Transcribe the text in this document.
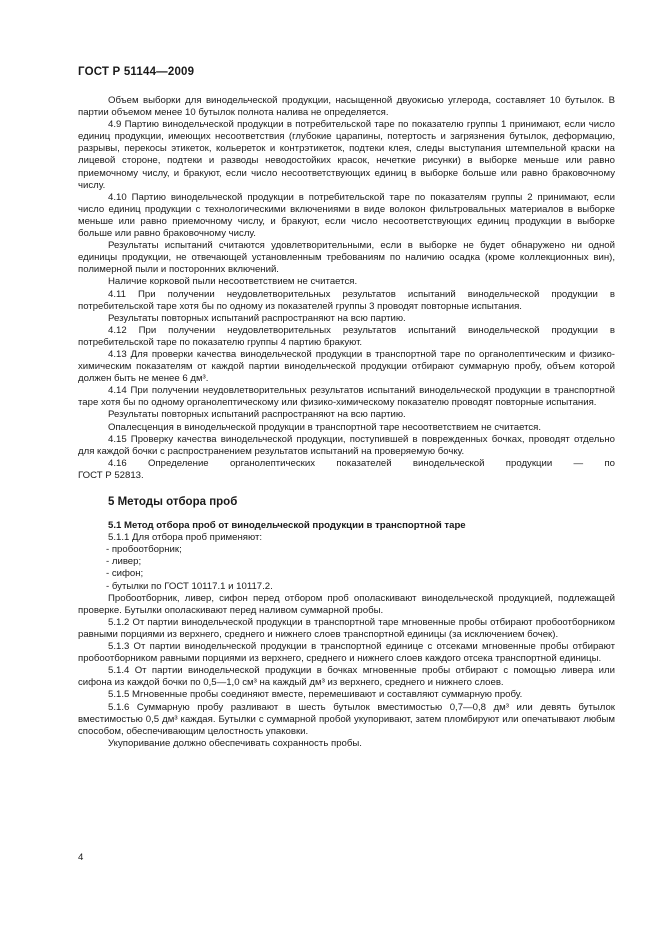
ГОСТ Р 51144—2009

Объем выборки для винодельческой продукции, насыщенной двуокисью углерода, составляет 10 бутылок. В партии объемом менее 10 бутылок полнота налива не определяется.

4.9 Партию винодельческой продукции в потребительской таре по показателю группы 1 принимают, если число единиц продукции, имеющих несоответствия (глубокие царапины, потертость и загрязнения бутылок, деформацию, разрывы, перекосы этикеток, кольереток и контрэтикеток, подтеки клея, следы выступания штемпельной краски на лицевой стороне, подтеки и разводы неводостойких красок, нечеткие рисунки) в выборке меньше или равно приемочному числу, и бракуют, если число несоответствующих единиц в выборке больше или равно браковочному числу.

4.10 Партию винодельческой продукции в потребительской таре по показателям группы 2 принимают, если число единиц продукции с технологическими включениями в виде волокон фильтровальных материалов в выборке меньше или равно приемочному числу, и бракуют, если число несоответствующих единиц продукции в выборке больше или равно браковочному числу.

Результаты испытаний считаются удовлетворительными, если в выборке не будет обнаружено ни одной единицы продукции, не отвечающей установленным требованиям по наличию осадка (кроме коллекционных вин), полимерной пыли и посторонних включений.

Наличие корковой пыли несоответствием не считается.

4.11 При получении неудовлетворительных результатов испытаний винодельческой продукции в потребительской таре хотя бы по одному из показателей группы 3 проводят повторные испытания.

Результаты повторных испытаний распространяют на всю партию.

4.12 При получении неудовлетворительных результатов испытаний винодельческой продукции в потребительской таре по показателю группы 4 партию бракуют.

4.13 Для проверки качества винодельческой продукции в транспортной таре по органолептическим и физико-химическим показателям от каждой партии винодельческой продукции отбирают суммарную пробу, объем которой должен быть не менее 6 дм³.

4.14 При получении неудовлетворительных результатов испытаний винодельческой продукции в транспортной таре хотя бы по одному органолептическому или физико-химическому показателю проводят повторные испытания.

Результаты повторных испытаний распространяют на всю партию.

Опалесценция в винодельческой продукции в транспортной таре несоответствием не считается.

4.15 Проверку качества винодельческой продукции, поступившей в поврежденных бочках, проводят отдельно для каждой бочки с распространением результатов испытаний на проверяемую бочку.

4.16 Определение органолептических показателей винодельческой продукции — по

ГОСТ Р 52813.

5 Методы отбора проб

5.1 Метод отбора проб от винодельческой продукции в транспортной таре

5.1.1 Для отбора проб применяют:

- пробоотборник;

- ливер;

- сифон;

- бутылки по ГОСТ 10117.1 и 10117.2.

Пробоотборник, ливер, сифон перед отбором проб ополаскивают винодельческой продукцией, подлежащей проверке. Бутылки ополаскивают перед наливом суммарной пробы.

5.1.2 От партии винодельческой продукции в транспортной таре мгновенные пробы отбирают пробоотборником равными порциями из верхнего, среднего и нижнего слоев транспортной единицы (за исключением бочек).

5.1.3 От партии винодельческой продукции в транспортной единице с отсеками мгновенные пробы отбирают пробоотборником равными порциями из верхнего, среднего и нижнего слоев каждого отсека транспортной единицы.

5.1.4 От партии винодельческой продукции в бочках мгновенные пробы отбирают с помощью ливера или сифона из каждой бочки по 0,5—1,0 см³ на каждый дм³ из верхнего, среднего и нижнего слоев.

5.1.5 Мгновенные пробы соединяют вместе, перемешивают и составляют суммарную пробу.

5.1.6 Суммарную пробу разливают в шесть бутылок вместимостью 0,7—0,8 дм³ или девять бутылок вместимостью 0,5 дм³ каждая. Бутылки с суммарной пробой укупоривают, затем пломбируют или опечатывают любым способом, обеспечивающим целостность упаковки.

Укупоривание должно обеспечивать сохранность пробы.

4
